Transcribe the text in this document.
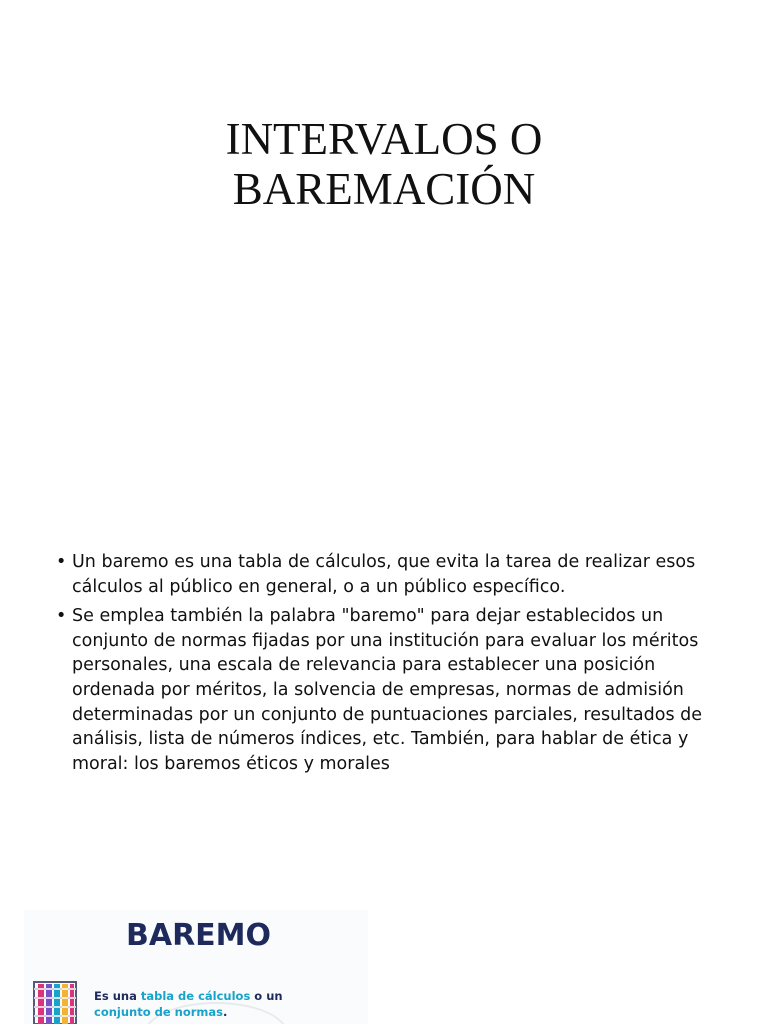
INTERVALOS O
BAREMACIÓN
• Un baremo es una tabla de cálculos, que evita la tarea de realizar esos cálculos al público en general, o a un público específico.
• Se emplea también la palabra "baremo" para dejar establecidos un conjunto de normas fijadas por una institución para evaluar los méritos personales, una escala de relevancia para establecer una posición ordenada por méritos, la solvencia de empresas, normas de admisión determinadas por un conjunto de puntuaciones parciales, resultados de análisis, lista de números índices, etc. También, para hablar de ética y moral: los baremos éticos y morales
BAREMO
Es una tabla de cálculos o un conjunto de normas.
